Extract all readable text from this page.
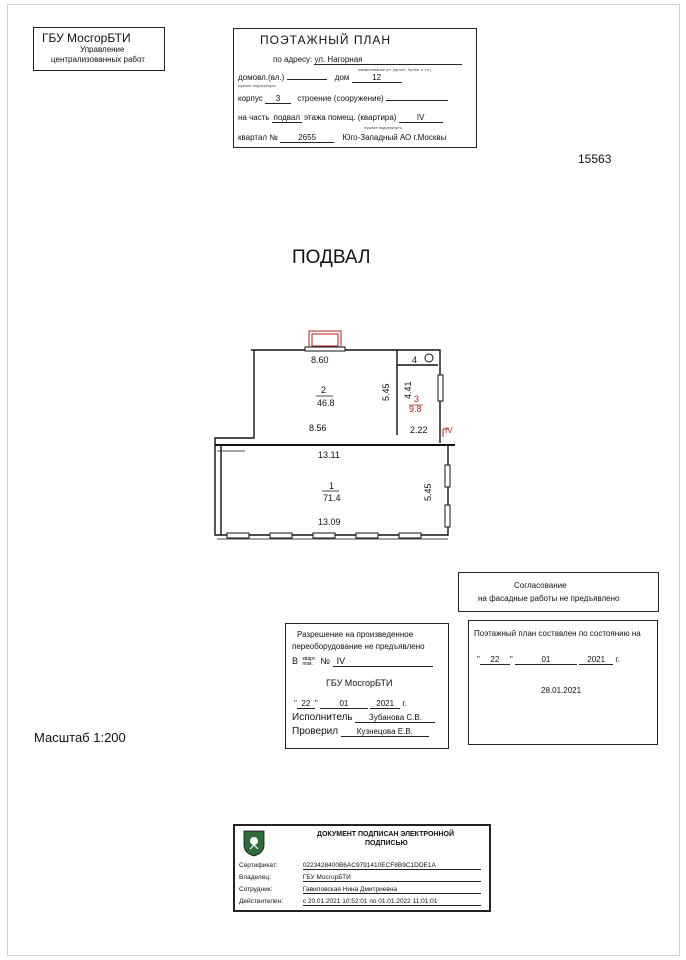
ГБУ МосгорБТИ
Управление
централизованных работ
ПОЭТАЖНЫЙ ПЛАН
по адресу: ул. Нагорная
наименование ул. (просп., бульв. и т.п.)
нужное подчеркнуть
домовл.(вл.)	дом	12
корпус 3 строение (сооружение)
на часть подвал этажа помещ. (квартира)	IV
нужное подчеркнуть
квартал №	2655	Юго-Западный АО г.Москвы
15563
ПОДВАЛ
IV
8.60	4
2
46.8
5.45 4.41 3
9.8
8.56	2.22
13.11
1
71.4	5.45
13.09
Согласование
на фасадные работы не предъявлено
Разрешение на произведенное
переоборудование не предъявлено
В кварт.
пом. № IV
ГБУ МосгорБТИ
" 22 "	01	2021 г.
Исполнитель Зубанова С.В.
Проверил Кузнецова Е.В.
Поэтажный план составлен по состоянию на
" 22 "	01	2021 г.
28.01.2021
Масштаб 1:200
ДОКУМЕНТ ПОДПИСАН ЭЛЕКТРОННОЙ
ПОДПИСЬЮ
Сертификат:	0223428400B6AC9791410ECF8B9C1DDE1A
Владелец:	ГБУ МосгорБТИ
Сотрудник:	Гавиловская Нина Дмитриевна
Действителен:	с 20.01.2021 10:52:01 по 01.01.2022 11:01:01
